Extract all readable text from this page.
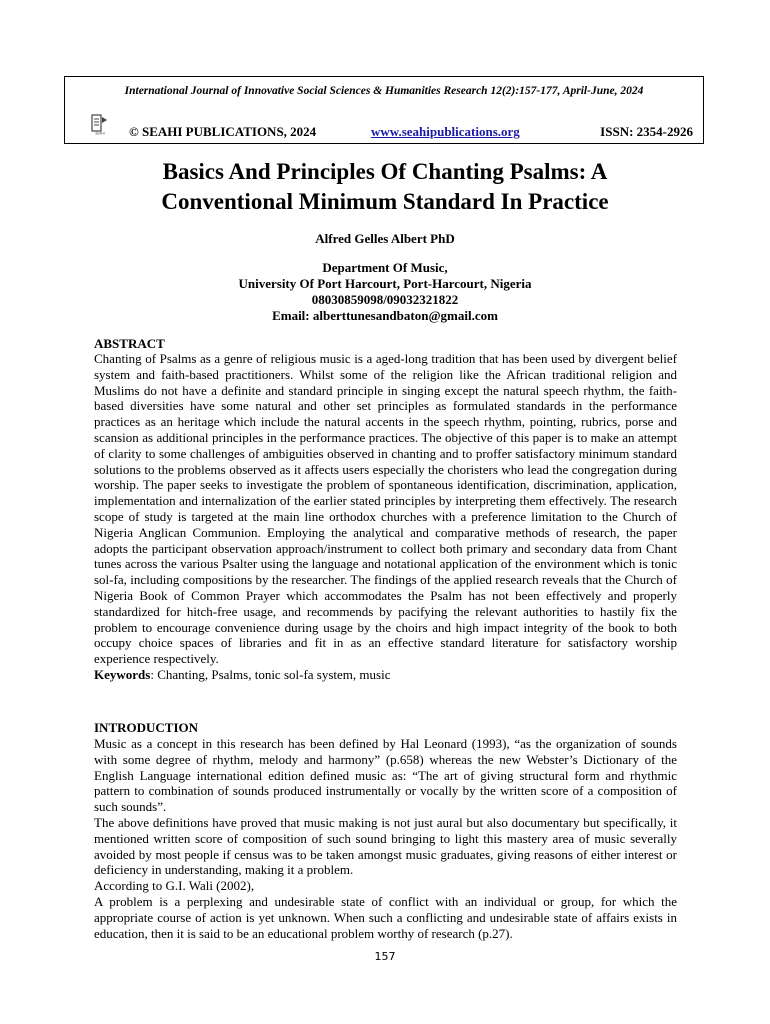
International Journal of Innovative Social Sciences & Humanities Research 12(2):157-177, April-June, 2024
SEAHI © SEAHI PUBLICATIONS, 2024	www.seahipublications.org	ISSN: 2354-2926
Basics And Principles Of Chanting Psalms: A
Conventional Minimum Standard In Practice
Alfred Gelles Albert PhD
Department Of Music,
University Of Port Harcourt, Port-Harcourt, Nigeria
08030859098/09032321822
Email: alberttunesandbaton@gmail.com
ABSTRACT

Chanting of Psalms as a genre of religious music is a aged-long tradition that has been used by divergent belief system and faith-based practitioners. Whilst some of the religion like the African traditional religion and Muslims do not have a definite and standard principle in singing except the natural speech rhythm, the faith-based diversities have some natural and other set principles as formulated standards in the performance practices as an heritage which include the natural accents in the speech rhythm, pointing, rubrics, porse and scansion as additional principles in the performance practices. The objective of this paper is to make an attempt of clarity to some challenges of ambiguities observed in chanting and to proffer satisfactory minimum standard solutions to the problems observed as it affects users especially the choristers who lead the congregation during worship. The paper seeks to investigate the problem of spontaneous identification, discrimination, application, implementation and internalization of the earlier stated principles by interpreting them effectively. The research scope of study is targeted at the main line orthodox churches with a preference limitation to the Church of Nigeria Anglican Communion. Employing the analytical and comparative methods of research, the paper adopts the participant observation approach/instrument to collect both primary and secondary data from Chant tunes across the various Psalter using the language and notational application of the environment which is tonic sol-fa, including compositions by the researcher. The findings of the applied research reveals that the Church of Nigeria Book of Common Prayer which accommodates the Psalm has not been effectively and properly standardized for hitch-free usage, and recommends by pacifying the relevant authorities to hastily fix the problem to encourage convenience during usage by the choirs and high impact integrity of the book to both occupy choice spaces of libraries and fit in as an effective standard literature for satisfactory worship experience respectively.

Keywords: Chanting, Psalms, tonic sol-fa system, music

INTRODUCTION

Music as a concept in this research has been defined by Hal Leonard (1993), “as the organization of sounds with some degree of rhythm, melody and harmony” (p.658) whereas the new Webster’s Dictionary of the English Language international edition defined music as: “The art of giving structural form and rhythmic pattern to combination of sounds produced instrumentally or vocally by the written score of a composition of such sounds”.

The above definitions have proved that music making is not just aural but also documentary but specifically, it mentioned written score of composition of such sound bringing to light this mastery area of music severally avoided by most people if census was to be taken amongst music graduates, giving reasons of either interest or deficiency in understanding, making it a problem.

According to G.I. Wali (2002),

A problem is a perplexing and undesirable state of conflict with an individual or group, for which the appropriate course of action is yet unknown. When such a conflicting and undesirable state of affairs exists in education, then it is said to be an educational problem worthy of research (p.27).

157
